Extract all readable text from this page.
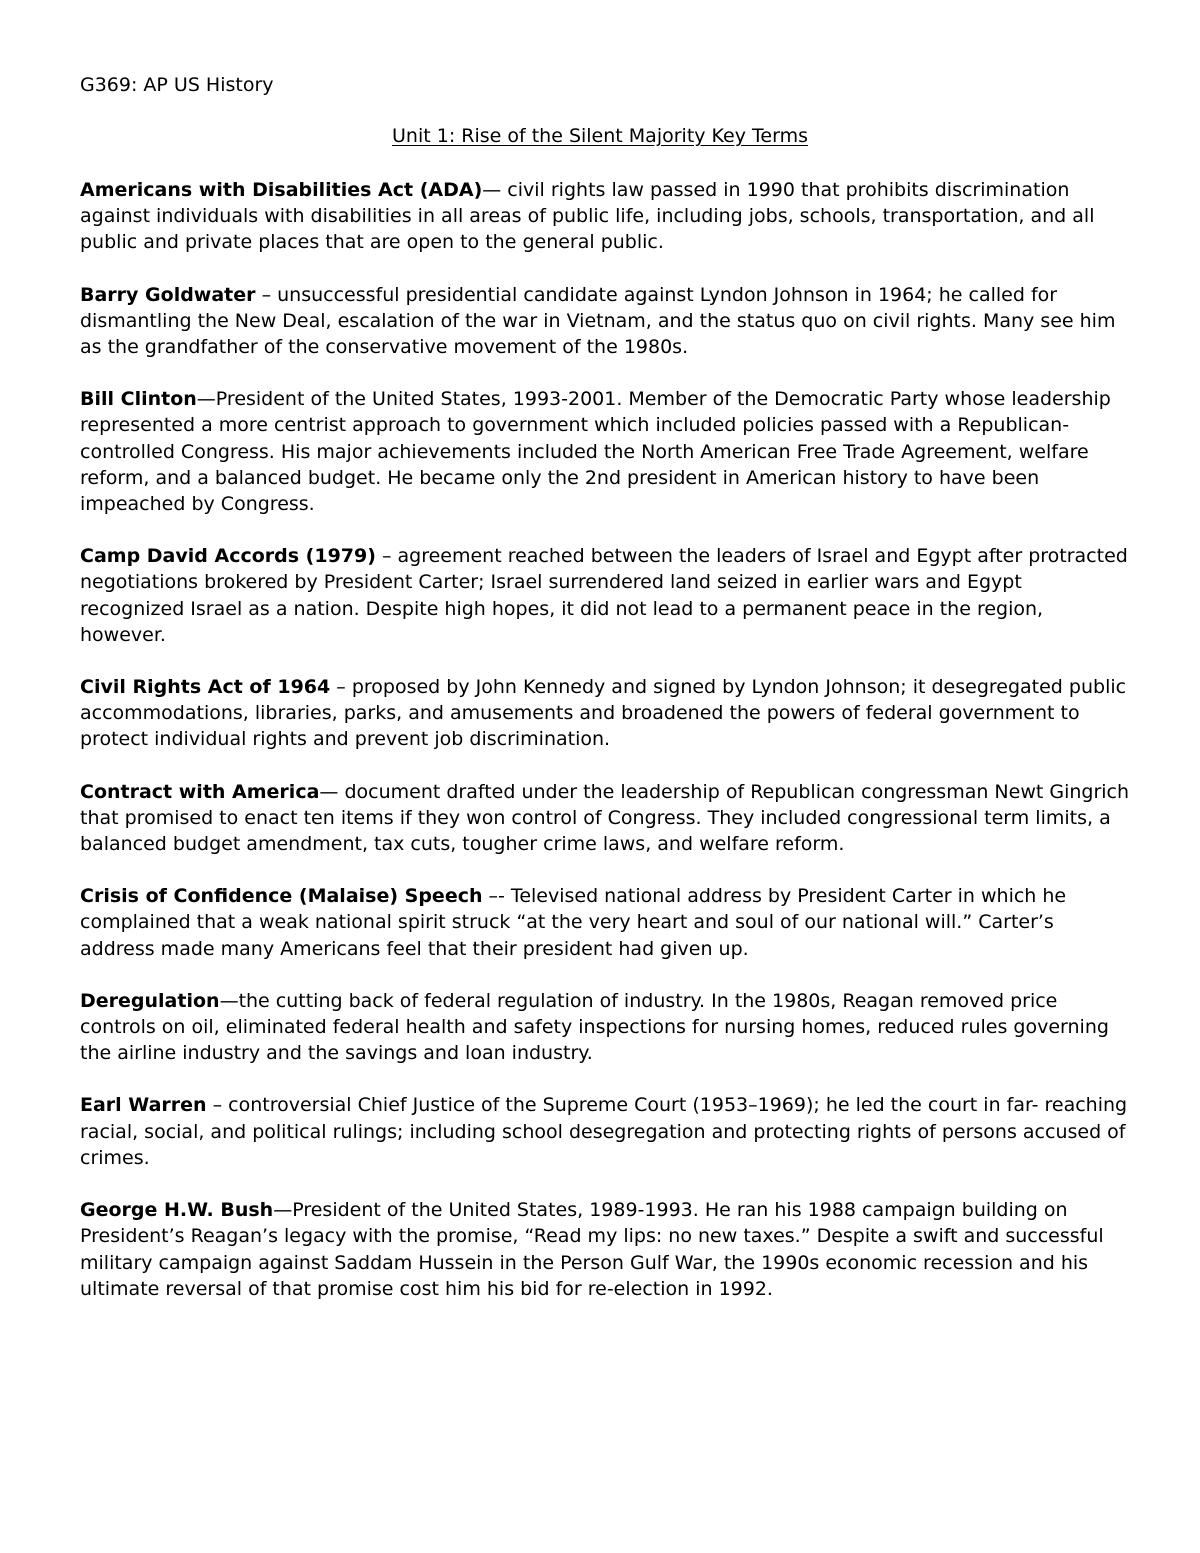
G369: AP US History

Unit 1: Rise of the Silent Majority Key Terms

Americans with Disabilities Act (ADA)— civil rights law passed in 1990 that prohibits discrimination against individuals with disabilities in all areas of public life, including jobs, schools, transportation, and all public and private places that are open to the general public.

Barry Goldwater – unsuccessful presidential candidate against Lyndon Johnson in 1964; he called for dismantling the New Deal, escalation of the war in Vietnam, and the status quo on civil rights. Many see him as the grandfather of the conservative movement of the 1980s.

Bill Clinton—President of the United States, 1993-2001. Member of the Democratic Party whose leadership represented a more centrist approach to government which included policies passed with a Republican-controlled Congress. His major achievements included the North American Free Trade Agreement, welfare reform, and a balanced budget. He became only the 2nd president in American history to have been impeached by Congress.

Camp David Accords (1979) – agreement reached between the leaders of Israel and Egypt after protracted negotiations brokered by President Carter; Israel surrendered land seized in earlier wars and Egypt recognized Israel as a nation. Despite high hopes, it did not lead to a permanent peace in the region, however.

Civil Rights Act of 1964 – proposed by John Kennedy and signed by Lyndon Johnson; it desegregated public accommodations, libraries, parks, and amusements and broadened the powers of federal government to protect individual rights and prevent job discrimination.

Contract with America— document drafted under the leadership of Republican congressman Newt Gingrich that promised to enact ten items if they won control of Congress. They included congressional term limits, a balanced budget amendment, tax cuts, tougher crime laws, and welfare reform.

Crisis of Confidence (Malaise) Speech –- Televised national address by President Carter in which he complained that a weak national spirit struck “at the very heart and soul of our national will.” Carter’s address made many Americans feel that their president had given up.

Deregulation—the cutting back of federal regulation of industry. In the 1980s, Reagan removed price controls on oil, eliminated federal health and safety inspections for nursing homes, reduced rules governing the airline industry and the savings and loan industry.

Earl Warren – controversial Chief Justice of the Supreme Court (1953–1969); he led the court in far- reaching racial, social, and political rulings; including school desegregation and protecting rights of persons accused of crimes.

George H.W. Bush—President of the United States, 1989-1993. He ran his 1988 campaign building on President’s Reagan’s legacy with the promise, “Read my lips: no new taxes.” Despite a swift and successful military campaign against Saddam Hussein in the Person Gulf War, the 1990s economic recession and his ultimate reversal of that promise cost him his bid for re-election in 1992.
